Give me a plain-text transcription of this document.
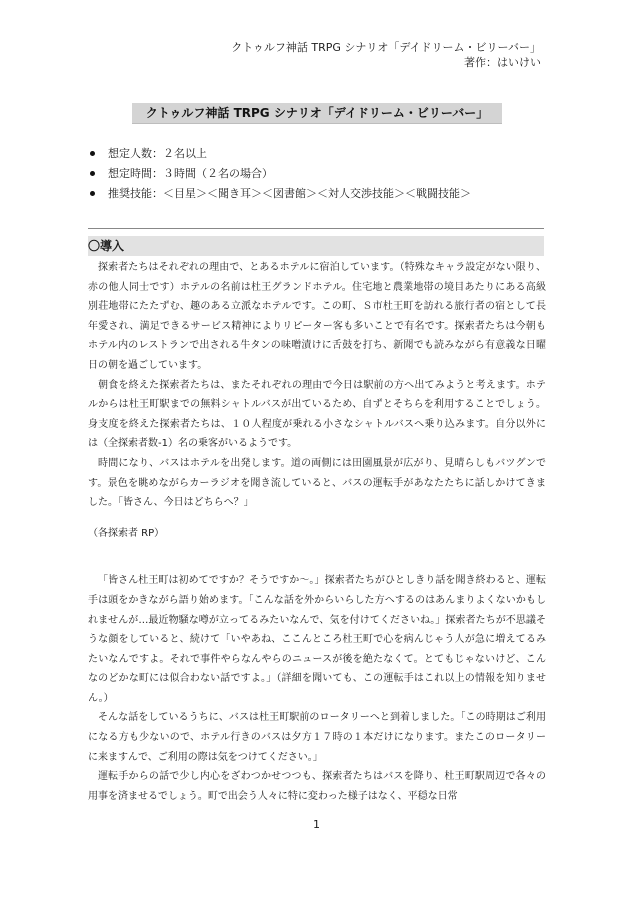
クトゥルフ神話 TRPG シナリオ「デイドリーム・ビリーバー」
著作：はいけい
クトゥルフ神話 TRPG シナリオ「デイドリーム・ビリーバー」
想定人数：２名以上
想定時間：３時間（２名の場合）
推奨技能：＜目星＞＜聞き耳＞＜図書館＞＜対人交渉技能＞＜戦闘技能＞
〇導入

探索者たちはそれぞれの理由で、とあるホテルに宿泊しています。（特殊なキャラ設定がない限り、赤の他人同士です）ホテルの名前は杜王グランドホテル。住宅地と農業地帯の境目あたりにある高級別荘地帯にたたずむ、趣のある立派なホテルです。この町、Ｓ市杜王町を訪れる旅行者の宿として長年愛され、満足できるサービス精神によりリピーター客も多いことで有名です。探索者たちは今朝もホテル内のレストランで出される牛タンの味噌漬けに舌鼓を打ち、新聞でも読みながら有意義な日曜日の朝を過ごしています。

朝食を終えた探索者たちは、またそれぞれの理由で今日は駅前の方へ出てみようと考えます。ホテルからは杜王町駅までの無料シャトルバスが出ているため、自ずとそちらを利用することでしょう。身支度を終えた探索者たちは、１０人程度が乗れる小さなシャトルバスへ乗り込みます。自分以外には（全探索者数-1）名の乗客がいるようです。

時間になり、バスはホテルを出発します。道の両側には田園風景が広がり、見晴らしもバツグンです。景色を眺めながらカーラジオを聞き流していると、バスの運転手があなたたちに話しかけてきました。「皆さん、今日はどちらへ？」

（各探索者 RP）

「皆さん杜王町は初めてですか？そうですか〜。」探索者たちがひとしきり話を聞き終わると、運転手は頭をかきながら語り始めます。「こんな話を外からいらした方へするのはあんまりよくないかもしれませんが…最近物騒な噂が立ってるみたいなんで、気を付けてくださいね。」探索者たちが不思議そうな顔をしていると、続けて「いやあね、ここんところ杜王町で心を病んじゃう人が急に増えてるみたいなんですよ。それで事件やらなんやらのニュースが後を絶たなくて。とてもじゃないけど、こんなのどかな町には似合わない話ですよ。」（詳細を聞いても、この運転手はこれ以上の情報を知りません。）

そんな話をしているうちに、バスは杜王町駅前のロータリーへと到着しました。「この時期はご利用になる方も少ないので、ホテル行きのバスは夕方１７時の１本だけになります。またこのロータリーに来ますんで、ご利用の際は気をつけてください。」

運転手からの話で少し内心をざわつかせつつも、探索者たちはバスを降り、杜王町駅周辺で各々の用事を済ませるでしょう。町で出会う人々に特に変わった様子はなく、平穏な日常

1
